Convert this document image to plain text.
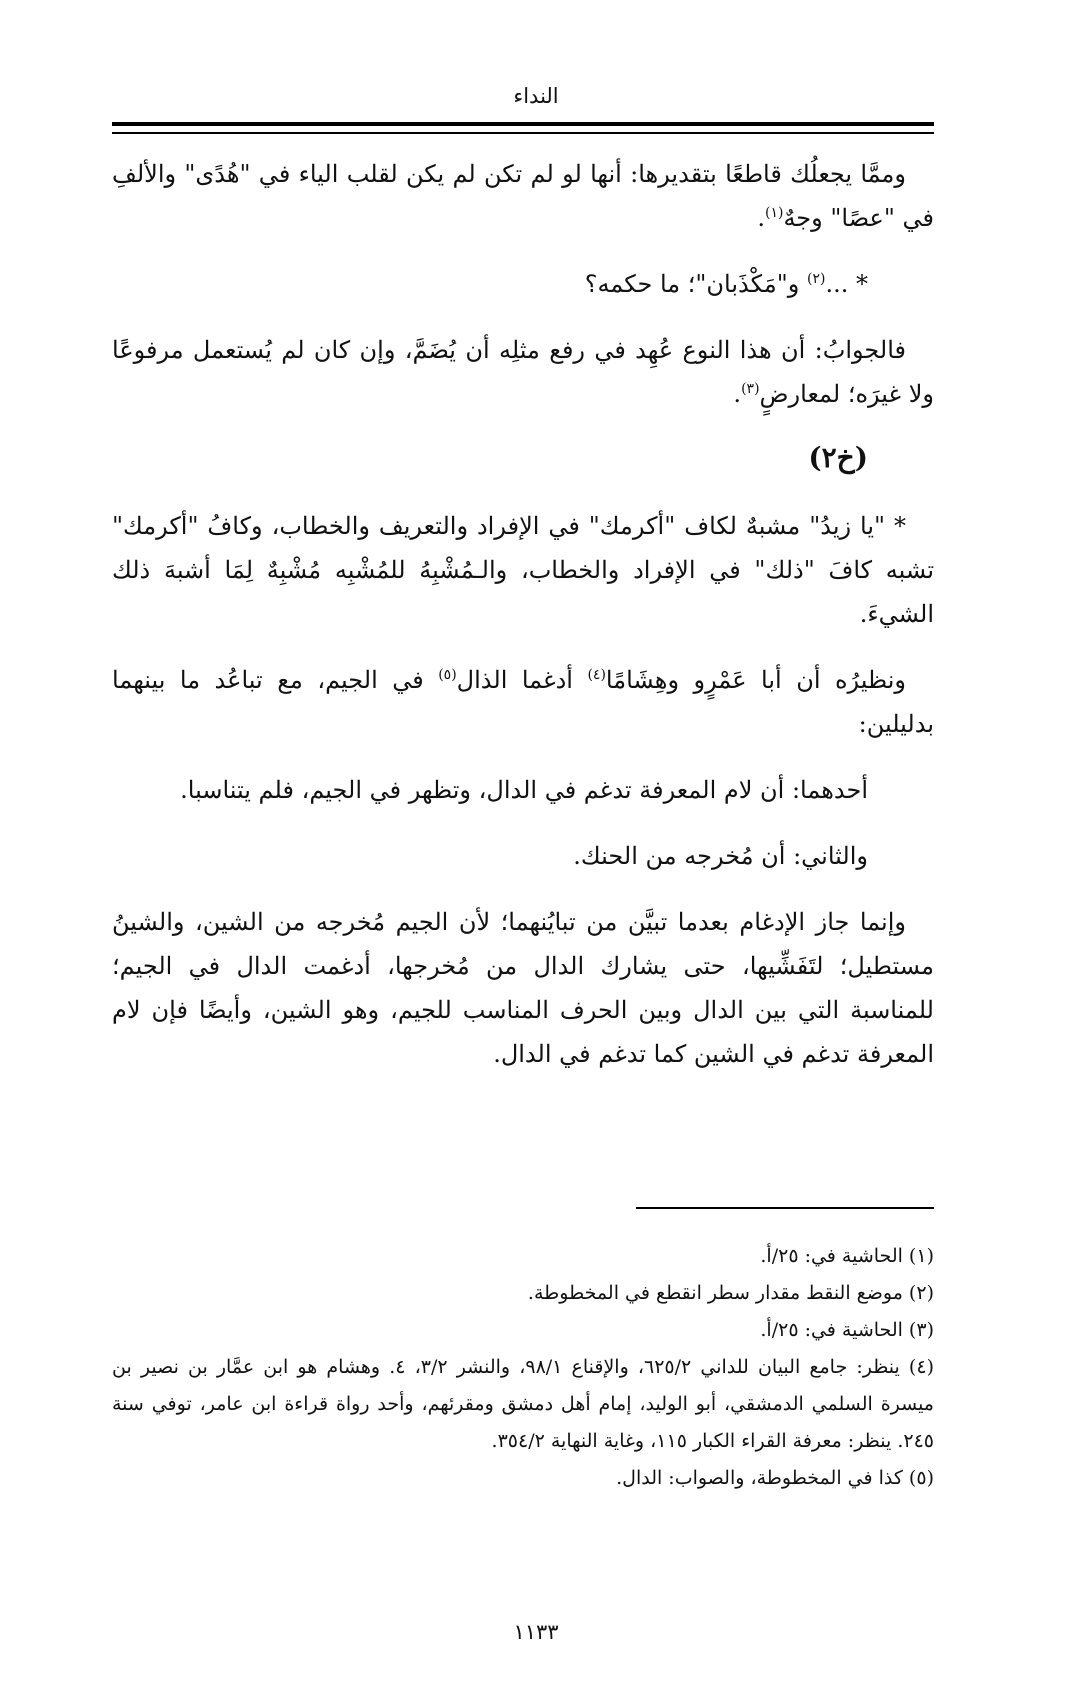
النداء

وممَّا يجعلُك قاطعًا بتقديرها: أنها لو لم تكن لم يكن لقلب الياء في "هُدًى" والألفِ في "عصًا" وجهٌ$^{(١)}$.

* ...$^{(٢)}$ و"مَكْذَبان"؛ ما حكمه؟

فالجوابُ: أن هذا النوع عُهِد في رفع مثلِه أن يُضَمَّ، وإن كان لم يُستعمل مرفوعًا ولا غيرَه؛ لمعارضٍ$^{(٣)}$.

(خ٢)

* "يا زيدُ" مشبهٌ لكاف "أكرمك" في الإفراد والتعريف والخطاب، وكافُ "أكرمك" تشبه كافَ "ذلك" في الإفراد والخطاب، والـمُشْبِهُ للمُشْبِه مُشْبِهٌ لِمَا أشبهَ ذلك الشيءَ.

ونظيرُه أن أبا عَمْرٍو وهِشَامًا$^{(٤)}$ أدغما الذال$^{(٥)}$ في الجيم، مع تباعُد ما بينهما بدليلين:

أحدهما: أن لام المعرفة تدغم في الدال، وتظهر في الجيم، فلم يتناسبا.

والثاني: أن مُخرجه من الحنك.

وإنما جاز الإدغام بعدما تبيَّن من تبايُنهما؛ لأن الجيم مُخرجه من الشين، والشينُ مستطيل؛ لتَفَشِّيها، حتى يشارك الدال من مُخرجها، أدغمت الدال في الجيم؛ للمناسبة التي بين الدال وبين الحرف المناسب للجيم، وهو الشين، وأيضًا فإن لام المعرفة تدغم في الشين كما تدغم في الدال.

(١) الحاشية في: ٢٥/أ.

(٢) موضع النقط مقدار سطر انقطع في المخطوطة.

(٣) الحاشية في: ٢٥/أ.

(٤) ينظر: جامع البيان للداني ٦٢٥/٢، والإقناع ٩٨/١، والنشر ٣/٢، ٤. وهشام هو ابن عمَّار بن نصير بن ميسرة السلمي الدمشقي، أبو الوليد، إمام أهل دمشق ومقرئهم، وأحد رواة قراءة ابن عامر، توفي سنة ٢٤٥. ينظر: معرفة القراء الكبار ١١٥، وغاية النهاية ٣٥٤/٢.

(٥) كذا في المخطوطة، والصواب: الدال.

١١٣٣
